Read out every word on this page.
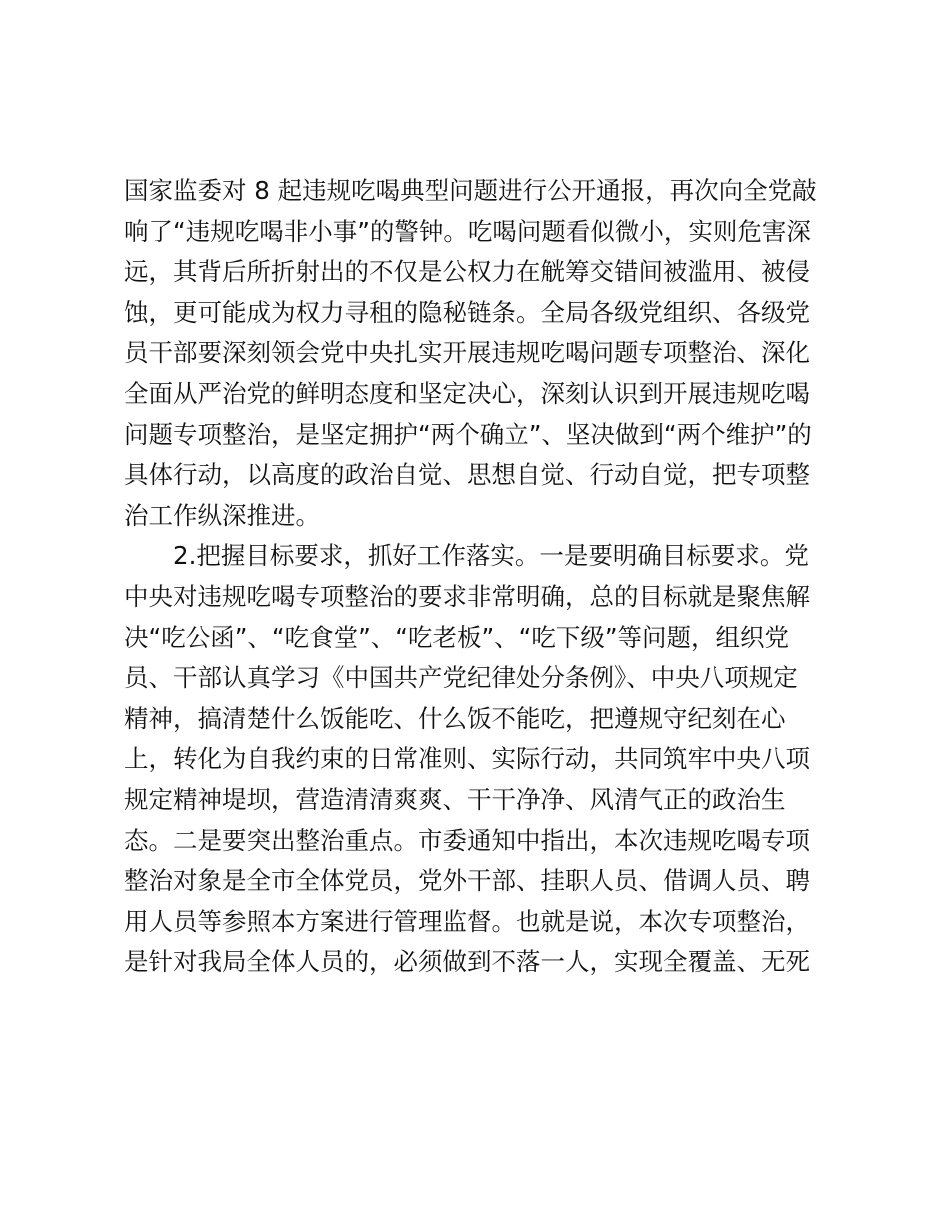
国家监委对 8 起违规吃喝典型问题进行公开通报，再次向全党敲
响了“违规吃喝非小事”的警钟。吃喝问题看似微小，实则危害深
远，其背后所折射出的不仅是公权力在觥筹交错间被滥用、被侵
蚀，更可能成为权力寻租的隐秘链条。全局各级党组织、各级党
员干部要深刻领会党中央扎实开展违规吃喝问题专项整治、深化
全面从严治党的鲜明态度和坚定决心，深刻认识到开展违规吃喝
问题专项整治，是坚定拥护“两个确立”、坚决做到“两个维护”的
具体行动，以高度的政治自觉、思想自觉、行动自觉，把专项整
治工作纵深推进。
　　2.把握目标要求，抓好工作落实。一是要明确目标要求。党
中央对违规吃喝专项整治的要求非常明确，总的目标就是聚焦解
决“吃公函”、“吃食堂”、“吃老板”、“吃下级”等问题，组织党
员、干部认真学习《中国共产党纪律处分条例》、中央八项规定
精神，搞清楚什么饭能吃、什么饭不能吃，把遵规守纪刻在心
上，转化为自我约束的日常准则、实际行动，共同筑牢中央八项
规定精神堤坝，营造清清爽爽、干干净净、风清气正的政治生
态。二是要突出整治重点。市委通知中指出，本次违规吃喝专项
整治对象是全市全体党员，党外干部、挂职人员、借调人员、聘
用人员等参照本方案进行管理监督。也就是说，本次专项整治，
是针对我局全体人员的，必须做到不落一人，实现全覆盖、无死
